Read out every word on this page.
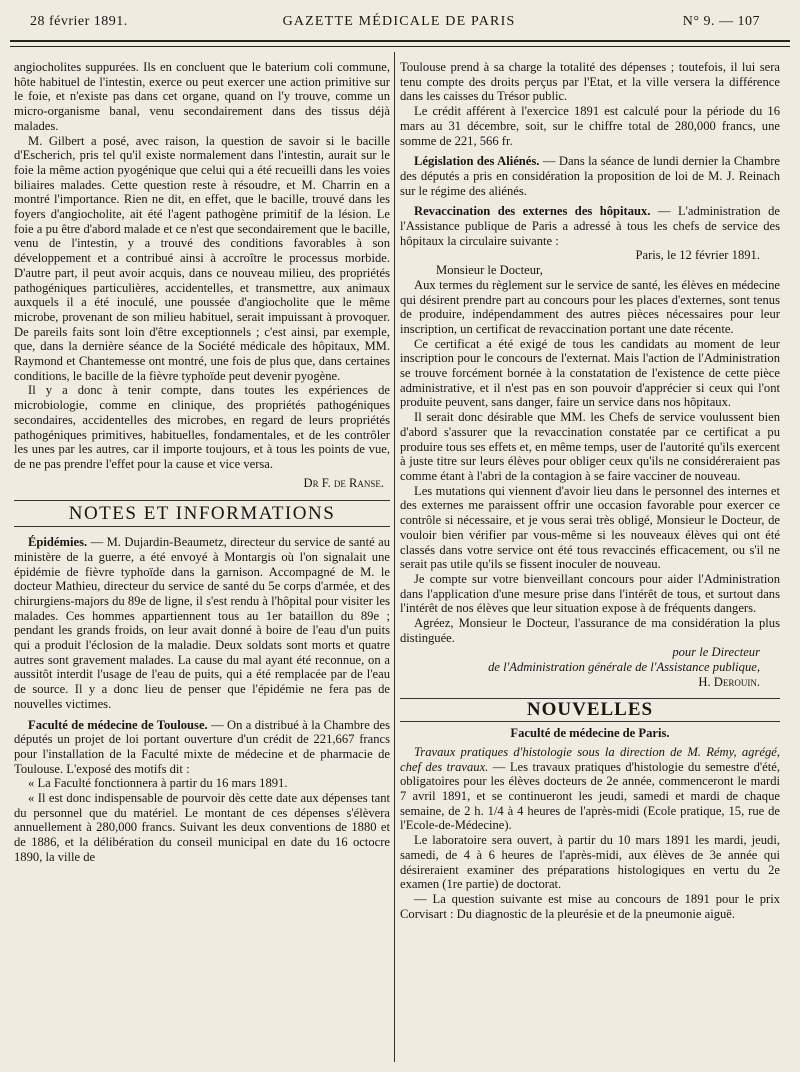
28 février 1891.	GAZETTE MÉDICALE DE PARIS	N° 9. — 107

angiocholites suppurées. Ils en concluent que le baterium coli commune, hôte habituel de l'intestin, exerce ou peut exercer une action primitive sur le foie, et n'existe pas dans cet organe, quand on l'y trouve, comme un micro-organisme banal, venu secondairement dans des tissus déjà malades.

M. Gilbert a posé, avec raison, la question de savoir si le bacille d'Escherich, pris tel qu'il existe normalement dans l'intestin, aurait sur le foie la même action pyogénique que celui qui a été recueilli dans les voies biliaires malades. Cette question reste à résoudre, et M. Charrin en a montré l'importance. Rien ne dit, en effet, que le bacille, trouvé dans les foyers d'angiocholite, ait été l'agent pathogène primitif de la lésion. Le foie a pu être d'abord malade et ce n'est que secondairement que le bacille, venu de l'intestin, y a trouvé des conditions favorables à son développement et a contribué ainsi à accroître le processus morbide. D'autre part, il peut avoir acquis, dans ce nouveau milieu, des propriétés pathogéniques particulières, accidentelles, et transmettre, aux animaux auxquels il a été inoculé, une poussée d'angiocholite que le même microbe, provenant de son milieu habituel, serait impuissant à provoquer. De pareils faits sont loin d'être exceptionnels ; c'est ainsi, par exemple, que, dans la dernière séance de la Société médicale des hôpitaux, MM. Raymond et Chantemesse ont montré, une fois de plus que, dans certaines conditions, le bacille de la fièvre typhoïde peut devenir pyogène.

Il y a donc à tenir compte, dans toutes les expériences de microbiologie, comme en clinique, des propriétés pathogéniques secondaires, accidentelles des microbes, en regard de leurs propriétés pathogéniques primitives, habituelles, fondamentales, et de les contrôler les unes par les autres, car il importe toujours, et à tous les points de vue, de ne pas prendre l'effet pour la cause et vice versa.

Dr F. de Ranse.
NOTES ET INFORMATIONS

Épidémies. — M. Dujardin-Beaumetz, directeur du service de santé au ministère de la guerre, a été envoyé à Montargis où l'on signalait une épidémie de fièvre typhoïde dans la garnison. Accompagné de M. le docteur Mathieu, directeur du service de santé du 5e corps d'armée, et des chirurgiens-majors du 89e de ligne, il s'est rendu à l'hôpital pour visiter les malades. Ces hommes appartiennent tous au 1er bataillon du 89e ; pendant les grands froids, on leur avait donné à boire de l'eau d'un puits qui a produit l'éclosion de la maladie. Deux soldats sont morts et quatre autres sont gravement malades. La cause du mal ayant été reconnue, on a aussitôt interdit l'usage de l'eau de puits, qui a été remplacée par de l'eau de source. Il y a donc lieu de penser que l'épidémie ne fera pas de nouvelles victimes.

Faculté de médecine de Toulouse. — On a distribué à la Chambre des députés un projet de loi portant ouverture d'un crédit de 221,667 francs pour l'installation de la Faculté mixte de médecine et de pharmacie de Toulouse. L'exposé des motifs dit :

« La Faculté fonctionnera à partir du 16 mars 1891.

« Il est donc indispensable de pourvoir dès cette date aux dépenses tant du personnel que du matériel. Le montant de ces dépenses s'élèvera annuellement à 280,000 francs. Suivant les deux conventions de 1880 et de 1886, et la délibération du conseil municipal en date du 16 octocre 1890, la ville de

Toulouse prend à sa charge la totalité des dépenses ; toutefois, il lui sera tenu compte des droits perçus par l'Etat, et la ville versera la différence dans les caisses du Trésor public.

Le crédit afférent à l'exercice 1891 est calculé pour la période du 16 mars au 31 décembre, soit, sur le chiffre total de 280,000 francs, une somme de 221, 566 fr.

Législation des Aliénés. — Dans la séance de lundi dernier la Chambre des députés a pris en considération la proposition de loi de M. J. Reinach sur le régime des aliénés.

Revaccination des externes des hôpitaux. — L'administration de l'Assistance publique de Paris a adressé à tous les chefs de service des hôpitaux la circulaire suivante :

Paris, le 12 février 1891.

Monsieur le Docteur,

Aux termes du règlement sur le service de santé, les élèves en médecine qui désirent prendre part au concours pour les places d'externes, sont tenus de produire, indépendamment des autres pièces nécessaires pour leur inscription, un certificat de revaccination portant une date récente.

Ce certificat a été exigé de tous les candidats au moment de leur inscription pour le concours de l'externat. Mais l'action de l'Administration se trouve forcément bornée à la constatation de l'existence de cette pièce administrative, et il n'est pas en son pouvoir d'apprécier si ceux qui l'ont produite peuvent, sans danger, faire un service dans nos hôpitaux.

Il serait donc désirable que MM. les Chefs de service voulussent bien d'abord s'assurer que la revaccination constatée par ce certificat a pu produire tous ses effets et, en même temps, user de l'autorité qu'ils exercent à juste titre sur leurs élèves pour obliger ceux qu'ils ne considéreraient pas comme étant à l'abri de la contagion à se faire vacciner de nouveau.

Les mutations qui viennent d'avoir lieu dans le personnel des internes et des externes me paraissent offrir une occasion favorable pour exercer ce contrôle si nécessaire, et je vous serai très obligé, Monsieur le Docteur, de vouloir bien vérifier par vous-même si les nouveaux élèves qui ont été classés dans votre service ont été tous revaccinés efficacement, ou s'il ne serait pas utile qu'ils se fissent inoculer de nouveau.

Je compte sur votre bienveillant concours pour aider l'Administration dans l'application d'une mesure prise dans l'intérêt de tous, et surtout dans l'intérêt de nos élèves que leur situation expose à de fréquents dangers.

Agréez, Monsieur le Docteur, l'assurance de ma considération la plus distinguée.

pour le Directeur
de l'Administration générale de l'Assistance publique,
H. Derouin.
NOUVELLES
Faculté de médecine de Paris.

Travaux pratiques d'histologie sous la direction de M. Rémy, agrégé, chef des travaux. — Les travaux pratiques d'histologie du semestre d'été, obligatoires pour les élèves docteurs de 2e année, commenceront le mardi 7 avril 1891, et se continueront les jeudi, samedi et mardi de chaque semaine, de 2 h. 1/4 à 4 heures de l'après-midi (Ecole pratique, 15, rue de l'Ecole-de-Médecine).

Le laboratoire sera ouvert, à partir du 10 mars 1891 les mardi, jeudi, samedi, de 4 à 6 heures de l'après-midi, aux élèves de 3e année qui désireraient examiner des préparations histologiques en vertu du 2e examen (1re partie) de doctorat.

— La question suivante est mise au concours de 1891 pour le prix Corvisart : Du diagnostic de la pleurésie et de la pneumonie aiguë.
